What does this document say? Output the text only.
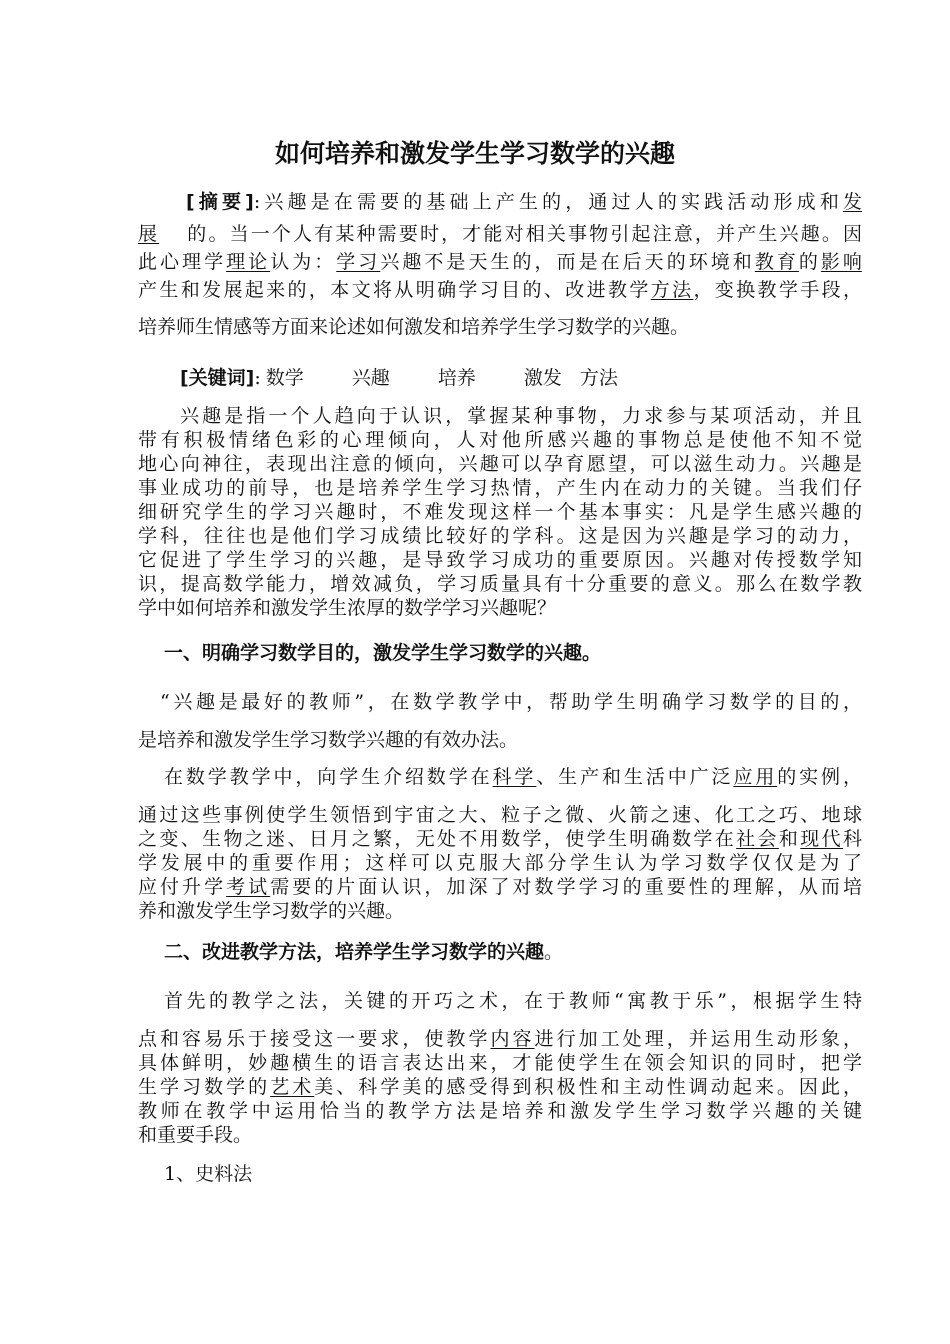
如何培养和激发学生学习数学的兴趣
[摘要]:兴趣是在需要的基础上产生的，通过人的实践活动形成和发
展 的。当一个人有某种需要时，才能对相关事物引起注意，并产生兴趣。因
此心理学理论认为：学习兴趣不是天生的，而是在后天的环境和教育的影响
产生和发展起来的，本文将从明确学习目的、改进教学方法，变换教学手段，
培养师生情感等方面来论述如何激发和培养学生学习数学的兴趣。
[关键词]: 数学	兴趣	培养	激发 方法
兴趣是指一个人趋向于认识，掌握某种事物，力求参与某项活动，并且
带有积极情绪色彩的心理倾向，人对他所感兴趣的事物总是使他不知不觉
地心向神往，表现出注意的倾向，兴趣可以孕育愿望，可以滋生动力。兴趣是
事业成功的前导，也是培养学生学习热情，产生内在动力的关键。当我们仔
细研究学生的学习兴趣时，不难发现这样一个基本事实：凡是学生感兴趣的
学科，往往也是他们学习成绩比较好的学科。这是因为兴趣是学习的动力，
它促进了学生学习的兴趣，是导致学习成功的重要原因。兴趣对传授数学知
识，提高数学能力，增效减负，学习质量具有十分重要的意义。那么在数学教
学中如何培养和激发学生浓厚的数学学习兴趣呢？
一、明确学习数学目的，激发学生学习数学的兴趣。
“兴趣是最好的教师”，在数学教学中，帮助学生明确学习数学的目的，
是培养和激发学生学习数学兴趣的有效办法。
在数学教学中，向学生介绍数学在科学、生产和生活中广泛应用的实例，
通过这些事例使学生领悟到宇宙之大、粒子之微、火箭之速、化工之巧、地球
之变、生物之迷、日月之繁，无处不用数学，使学生明确数学在社会和现代科
学发展中的重要作用；这样可以克服大部分学生认为学习数学仅仅是为了
应付升学考试需要的片面认识，加深了对数学学习的重要性的理解，从而培
养和激发学生学习数学的兴趣。
二、改进教学方法，培养学生学习数学的兴趣。
首先的教学之法，关键的开巧之术，在于教师“寓教于乐”，根据学生特
点和容易乐于接受这一要求，使教学内容进行加工处理，并运用生动形象，
具体鲜明，妙趣横生的语言表达出来，才能使学生在领会知识的同时，把学
生学习数学的艺术美、科学美的感受得到积极性和主动性调动起来。因此，
教师在教学中运用恰当的教学方法是培养和激发学生学习数学兴趣的关键
和重要手段。
1、史料法
